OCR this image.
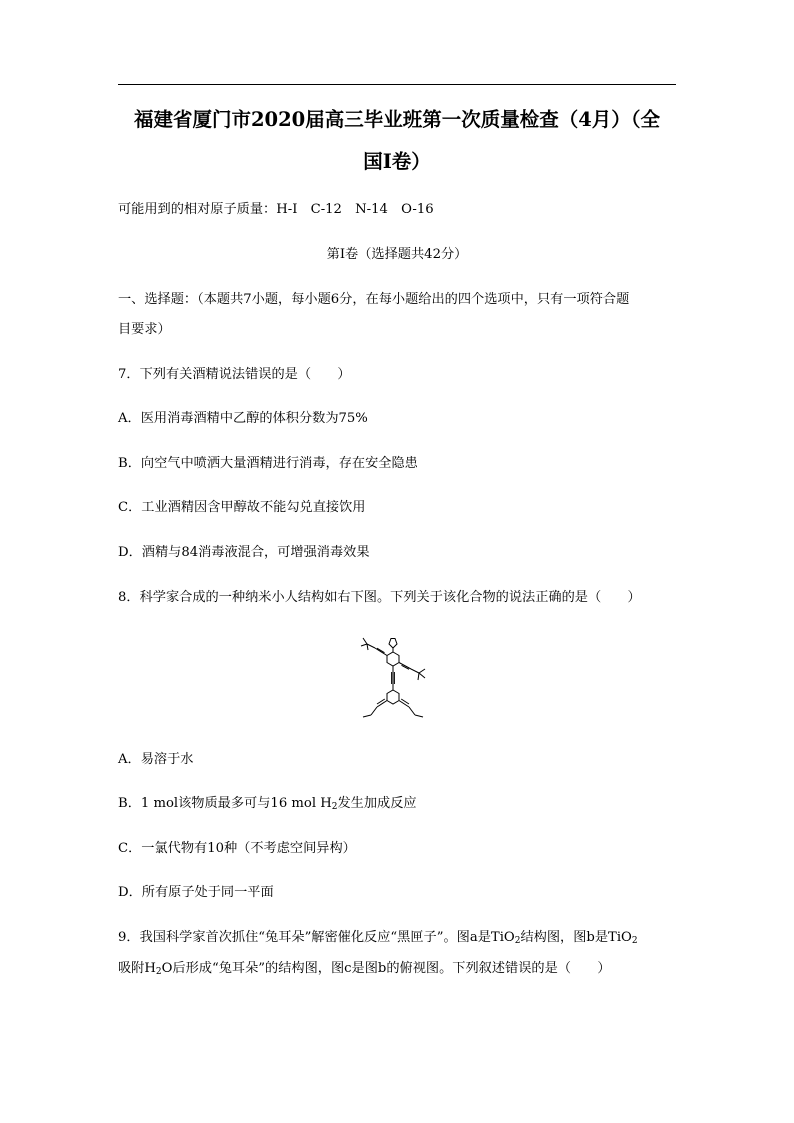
福建省厦门市2020届高三毕业班第一次质量检查（4月）（全
国Ⅰ卷）
可能用到的相对原子质量：H-I　C-12　N-14　O-16
第Ⅰ卷（选择题共42分）
一、选择题：（本题共7小题，每小题6分，在每小题给出的四个选项中，只有一项符合题
目要求）
7．下列有关酒精说法错误的是（　　）
A．医用消毒酒精中乙醇的体积分数为75%
B．向空气中喷洒大量酒精进行消毒，存在安全隐患
C．工业酒精因含甲醇故不能勾兑直接饮用
D．酒精与84消毒液混合，可增强消毒效果
8．科学家合成的一种纳米小人结构如右下图。下列关于该化合物的说法正确的是（　　）
A．易溶于水
B．1 mol该物质最多可与16 mol $H_2$发生加成反应
C．一氯代物有10种（不考虑空间异构）
D．所有原子处于同一平面
9．我国科学家首次抓住“兔耳朵”解密催化反应“黑匣子”。图a是TiO$_2$结构图，图b是TiO$_2$
吸附$H_2O$后形成“兔耳朵”的结构图，图c是图b的俯视图。下列叙述错误的是（　　）
